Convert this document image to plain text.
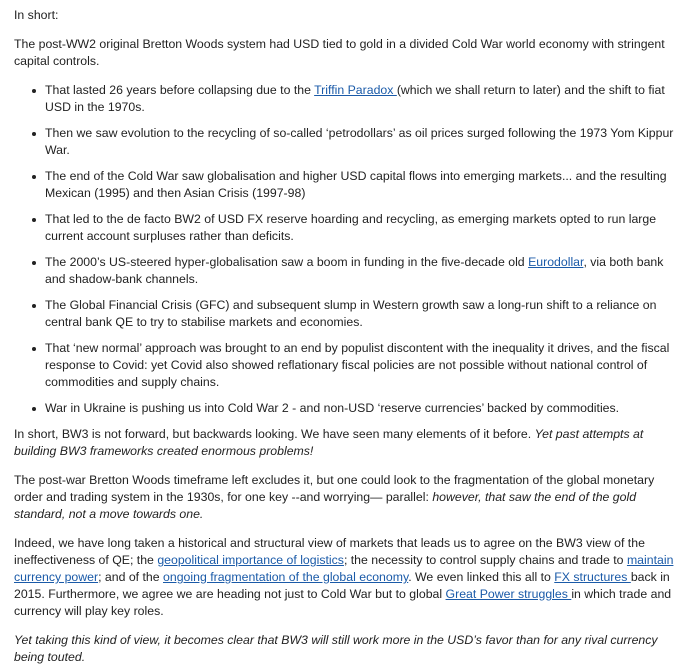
In short:

The post-WW2 original Bretton Woods system had USD tied to gold in a divided Cold War world economy with stringent capital controls.

That lasted 26 years before collapsing due to the Triffin Paradox (which we shall return to later) and the shift to fiat USD in the 1970s.
Then we saw evolution to the recycling of so-called ‘petrodollars’ as oil prices surged following the 1973 Yom Kippur War.
The end of the Cold War saw globalisation and higher USD capital flows into emerging markets... and the resulting Mexican (1995) and then Asian Crisis (1997-98)
That led to the de facto BW2 of USD FX reserve hoarding and recycling, as emerging markets opted to run large current account surpluses rather than deficits.
The 2000’s US-steered hyper-globalisation saw a boom in funding in the five-decade old Eurodollar, via both bank and shadow-bank channels.
The Global Financial Crisis (GFC) and subsequent slump in Western growth saw a long-run shift to a reliance on central bank QE to try to stabilise markets and economies.
That ‘new normal’ approach was brought to an end by populist discontent with the inequality it drives, and the fiscal response to Covid: yet Covid also showed reflationary fiscal policies are not possible without national control of commodities and supply chains.
War in Ukraine is pushing us into Cold War 2 - and non-USD ‘reserve currencies’ backed by commodities.

In short, BW3 is not forward, but backwards looking. We have seen many elements of it before. Yet past attempts at building BW3 frameworks created enormous problems!

The post-war Bretton Woods timeframe left excludes it, but one could look to the fragmentation of the global monetary order and trading system in the 1930s, for one key --and worrying— parallel: however, that saw the end of the gold standard, not a move towards one.

Indeed, we have long taken a historical and structural view of markets that leads us to agree on the BW3 view of the ineffectiveness of QE; the geopolitical importance of logistics; the necessity to control supply chains and trade to maintain currency power; and of the ongoing fragmentation of the global economy. We even linked this all to FX structures back in 2015. Furthermore, we agree we are heading not just to Cold War but to global Great Power struggles in which trade and currency will play key roles.

Yet taking this kind of view, it becomes clear that BW3 will still work more in the USD’s favor than for any rival currency being touted.
